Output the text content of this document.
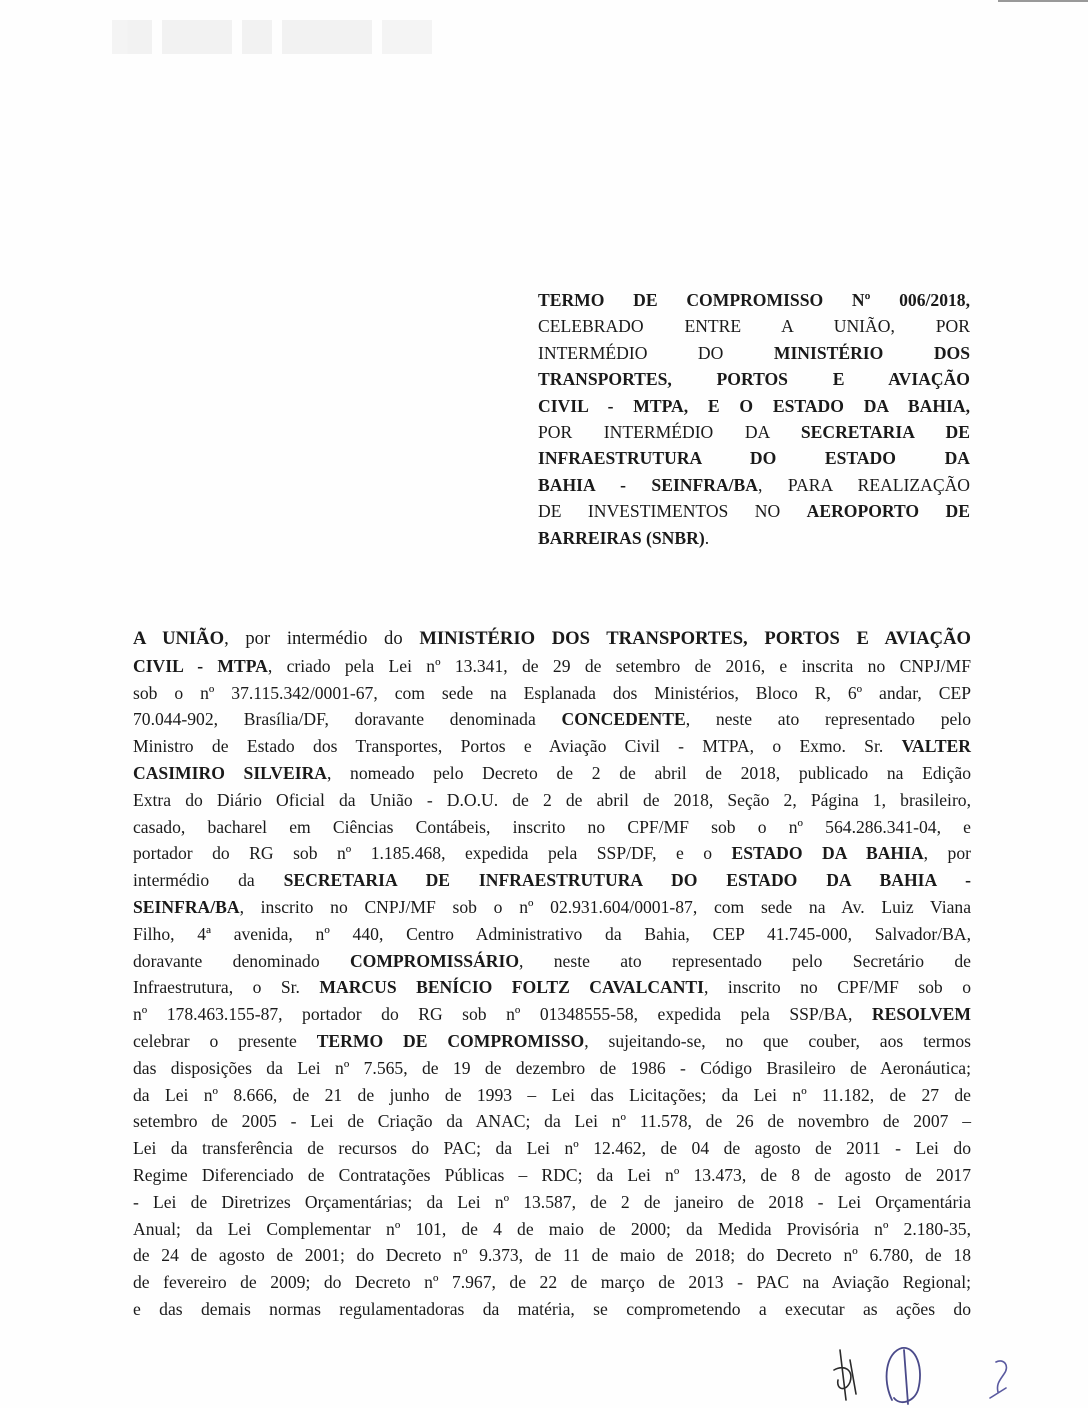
TERMO DE COMPROMISSO Nº 006/2018,
CELEBRADO ENTRE A UNIÃO, POR
INTERMÉDIO DO MINISTÉRIO DOS
TRANSPORTES, PORTOS E AVIAÇÃO
CIVIL - MTPA, E O ESTADO DA BAHIA,
POR INTERMÉDIO DA SECRETARIA DE
INFRAESTRUTURA DO ESTADO DA
BAHIA - SEINFRA/BA, PARA REALIZAÇÃO
DE INVESTIMENTOS NO AEROPORTO DE
BARREIRAS (SNBR).
A UNIÃO, por intermédio do MINISTÉRIO DOS TRANSPORTES, PORTOS E AVIAÇÃO
CIVIL - MTPA, criado pela Lei nº 13.341, de 29 de setembro de 2016, e inscrita no CNPJ/MF
sob o nº 37.115.342/0001-67, com sede na Esplanada dos Ministérios, Bloco R, 6º andar, CEP
70.044-902, Brasília/DF, doravante denominada CONCEDENTE, neste ato representado pelo
Ministro de Estado dos Transportes, Portos e Aviação Civil - MTPA, o Exmo. Sr. VALTER
CASIMIRO SILVEIRA, nomeado pelo Decreto de 2 de abril de 2018, publicado na Edição
Extra do Diário Oficial da União - D.O.U. de 2 de abril de 2018, Seção 2, Página 1, brasileiro,
casado, bacharel em Ciências Contábeis, inscrito no CPF/MF sob o nº 564.286.341-04, e
portador do RG sob nº 1.185.468, expedida pela SSP/DF, e o ESTADO DA BAHIA, por
intermédio da SECRETARIA DE INFRAESTRUTURA DO ESTADO DA BAHIA -
SEINFRA/BA, inscrito no CNPJ/MF sob o nº 02.931.604/0001-87, com sede na Av. Luiz Viana
Filho, 4ª avenida, nº 440, Centro Administrativo da Bahia, CEP 41.745-000, Salvador/BA,
doravante denominado COMPROMISSÁRIO, neste ato representado pelo Secretário de
Infraestrutura, o Sr. MARCUS BENÍCIO FOLTZ CAVALCANTI, inscrito no CPF/MF sob o
nº 178.463.155-87, portador do RG sob nº 01348555-58, expedida pela SSP/BA, RESOLVEM
celebrar o presente TERMO DE COMPROMISSO, sujeitando-se, no que couber, aos termos
das disposições da Lei nº 7.565, de 19 de dezembro de 1986 - Código Brasileiro de Aeronáutica;
da Lei nº 8.666, de 21 de junho de 1993 – Lei das Licitações; da Lei nº 11.182, de 27 de
setembro de 2005 - Lei de Criação da ANAC; da Lei nº 11.578, de 26 de novembro de 2007 –
Lei da transferência de recursos do PAC; da Lei nº 12.462, de 04 de agosto de 2011 - Lei do
Regime Diferenciado de Contratações Públicas – RDC; da Lei nº 13.473, de 8 de agosto de 2017
- Lei de Diretrizes Orçamentárias; da Lei nº 13.587, de 2 de janeiro de 2018 - Lei Orçamentária
Anual; da Lei Complementar nº 101, de 4 de maio de 2000; da Medida Provisória nº 2.180-35,
de 24 de agosto de 2001; do Decreto nº 9.373, de 11 de maio de 2018; do Decreto nº 6.780, de 18
de fevereiro de 2009; do Decreto nº 7.967, de 22 de março de 2013 - PAC na Aviação Regional;
e das demais normas regulamentadoras da matéria, se comprometendo a executar as ações do
